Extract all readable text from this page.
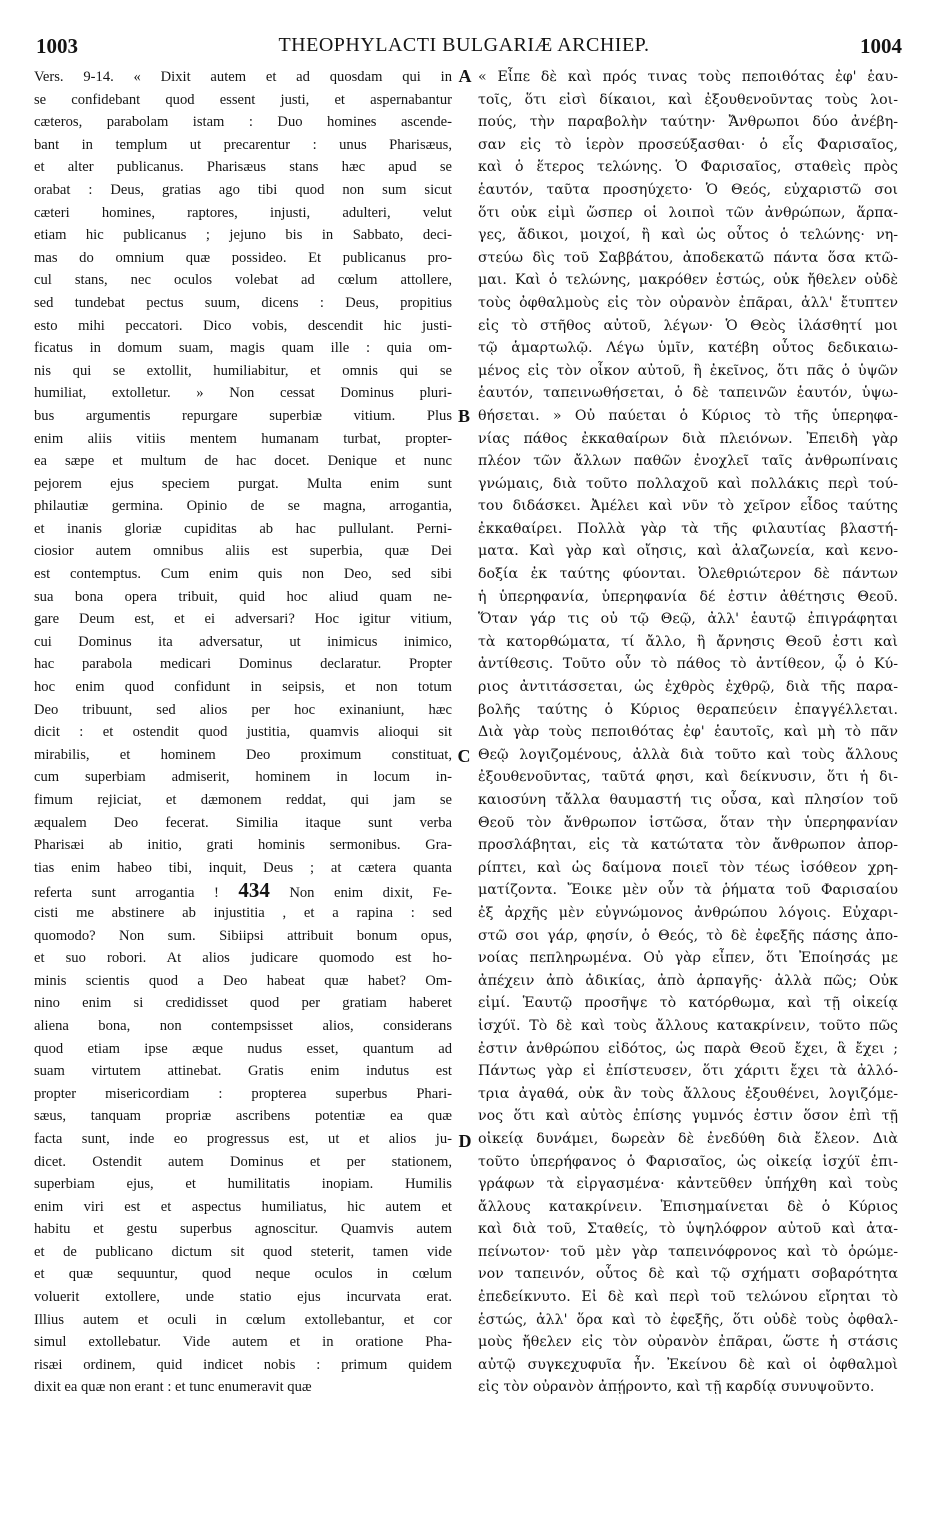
1003	THEOPHYLACTI BULGARIÆ ARCHIEP.	1004
Vers. 9-14. « Dixit autem et ad quosdam qui in
se confidebant quod essent justi, et aspernabantur
cæteros, parabolam istam : Duo homines ascende-
bant in templum ut precarentur : unus Pharisæus,
et alter publicanus. Pharisæus stans hæc apud se
orabat : Deus, gratias ago tibi quod non sum sicut
cæteri homines, raptores, injusti, adulteri, velut
etiam hic publicanus ; jejuno bis in Sabbato, deci-
mas do omnium quæ possideo. Et publicanus pro-
cul stans, nec oculos volebat ad cœlum attollere,
sed tundebat pectus suum, dicens : Deus, propitius
esto mihi peccatori. Dico vobis, descendit hic justi-
ficatus in domum suam, magis quam ille : quia om-
nis qui se extollit, humiliabitur, et omnis qui se
humiliat, extolletur. » Non cessat Dominus pluri-
bus argumentis repurgare superbiæ vitium. Plus
enim aliis vitiis mentem humanam turbat, propter-
ea sæpe et multum de hac docet. Denique et nunc
pejorem ejus speciem purgat. Multa enim sunt
philautiæ germina. Opinio de se magna, arrogantia,
et inanis gloriæ cupiditas ab hac pullulant. Perni-
ciosior autem omnibus aliis est superbia, quæ Dei
est contemptus. Cum enim quis non Deo, sed sibi
sua bona opera tribuit, quid hoc aliud quam ne-
gare Deum est, et ei adversari? Hoc igitur vitium,
cui Dominus ita adversatur, ut inimicus inimico,
hac parabola medicari Dominus declaratur. Propter
hoc enim quod confidunt in seipsis, et non totum
Deo tribuunt, sed alios per hoc exinaniunt, hæc
dicit : et ostendit quod justitia, quamvis alioqui sit
mirabilis, et hominem Deo proximum constituat,
cum superbiam admiserit, hominem in locum in-
fimum rejiciat, et dæmonem reddat, qui jam se
æqualem Deo fecerat. Similia itaque sunt verba
Pharisæi ab initio, grati hominis sermonibus. Gra-
tias enim habeo tibi, inquit, Deus ; at cætera quanta
referta sunt arrogantia ! 434 Non enim dixit, Fe-
cisti me abstinere ab injustitia , et a rapina : sed
quomodo? Non sum. Sibiipsi attribuit bonum opus,
et suo robori. At alios judicare quomodo est ho-
minis scientis quod a Deo habeat quæ habet? Om-
nino enim si credidisset quod per gratiam haberet
aliena bona, non contempsisset alios, considerans
quod etiam ipse æque nudus esset, quantum ad
suam virtutem attinebat. Gratis enim indutus est
propter misericordiam : propterea superbus Phari-
sæus, tanquam propriæ ascribens potentiæ ea quæ
facta sunt, inde eo progressus est, ut et alios ju-
dicet. Ostendit autem Dominus et per stationem,
superbiam ejus, et humilitatis inopiam. Humilis
enim viri est et aspectus humiliatus, hic autem et
habitu et gestu superbus agnoscitur. Quamvis autem
et de publicano dictum sit quod steterit, tamen vide
et quæ sequuntur, quod neque oculos in cœlum
voluerit extollere, unde statio ejus incurvata erat.
Illius autem et oculi in cœlum extollebantur, et cor
simul extollebatur. Vide autem et in oratione Pha-
risæi ordinem, quid indicet nobis : primum quidem
dixit ea quæ non erant : et tunc enumeravit quæ
« Εἶπε δὲ καὶ πρός τινας τοὺς πεποιθότας ἐφ' ἑαυ-
τοῖς, ὅτι εἰσὶ δίκαιοι, καὶ ἐξουθενοῦντας τοὺς λοι-
πούς, τὴν παραβολὴν ταύτην· Ἄνθρωποι δύο ἀνέβη-
σαν εἰς τὸ ἱερὸν προσεύξασθαι· ὁ εἷς Φαρισαῖος,
καὶ ὁ ἕτερος τελώνης. Ὁ Φαρισαῖος, σταθεὶς πρὸς
ἑαυτόν, ταῦτα προσηύχετο· Ὁ Θεός, εὐχαριστῶ σοι
ὅτι οὐκ εἰμὶ ὥσπερ οἱ λοιποὶ τῶν ἀνθρώπων, ἅρπα-
γες, ἄδικοι, μοιχοί, ἢ καὶ ὡς οὗτος ὁ τελώνης· νη-
στεύω δὶς τοῦ Σαββάτου, ἀποδεκατῶ πάντα ὅσα κτῶ-
μαι. Καὶ ὁ τελώνης, μακρόθεν ἑστώς, οὐκ ἤθελεν οὐδὲ
τοὺς ὀφθαλμοὺς εἰς τὸν οὐρανὸν ἐπᾶραι, ἀλλ' ἔτυπτεν
εἰς τὸ στῆθος αὐτοῦ, λέγων· Ὁ Θεὸς ἱλάσθητί μοι
τῷ ἁμαρτωλῷ. Λέγω ὑμῖν, κατέβη οὗτος δεδικαιω-
μένος εἰς τὸν οἶκον αὐτοῦ, ἢ ἐκεῖνος, ὅτι πᾶς ὁ ὑψῶν
ἑαυτόν, ταπεινωθήσεται, ὁ δὲ ταπεινῶν ἑαυτόν, ὑψω-
θήσεται. » Οὐ παύεται ὁ Κύριος τὸ τῆς ὑπερηφα-
νίας πάθος ἐκκαθαίρων διὰ πλειόνων. Ἐπειδὴ γὰρ
πλέον τῶν ἄλλων παθῶν ἐνοχλεῖ ταῖς ἀνθρωπίναις
γνώμαις, διὰ τοῦτο πολλαχοῦ καὶ πολλάκις περὶ τού-
του διδάσκει. Ἀμέλει καὶ νῦν τὸ χεῖρον εἶδος ταύτης
ἐκκαθαίρει. Πολλὰ γὰρ τὰ τῆς φιλαυτίας βλαστή-
ματα. Καὶ γὰρ καὶ οἴησις, καὶ ἀλαζωνεία, καὶ κενο-
δοξία ἐκ ταύτης φύονται. Ὀλεθριώτερον δὲ πάντων
ἡ ὑπερηφανία, ὑπερηφανία δέ ἐστιν ἀθέτησις Θεοῦ.
Ὅταν γάρ τις οὐ τῷ Θεῷ, ἀλλ' ἑαυτῷ ἐπιγράφηται
τὰ κατορθώματα, τί ἄλλο, ἢ ἄρνησις Θεοῦ ἐστι καὶ
ἀντίθεσις. Τοῦτο οὖν τὸ πάθος τὸ ἀντίθεον, ᾧ ὁ Κύ-
ριος ἀντιτάσσεται, ὡς ἐχθρὸς ἐχθρῷ, διὰ τῆς παρα-
βολῆς ταύτης ὁ Κύριος θεραπεύειν ἐπαγγέλλεται.
Διὰ γὰρ τοὺς πεποιθότας ἐφ' ἑαυτοῖς, καὶ μὴ τὸ πᾶν
Θεῷ λογιζομένους, ἀλλὰ διὰ τοῦτο καὶ τοὺς ἄλλους
ἐξουθενοῦντας, ταῦτά φησι, καὶ δείκνυσιν, ὅτι ἡ δι-
καιοσύνη τἄλλα θαυμαστή τις οὖσα, καὶ πλησίον τοῦ
Θεοῦ τὸν ἄνθρωπον ἱστῶσα, ὅταν τὴν ὑπερηφανίαν
προσλάβηται, εἰς τὰ κατώτατα τὸν ἄνθρωπον ἀπορ-
ρίπτει, καὶ ὡς δαίμονα ποιεῖ τὸν τέως ἰσόθεον χρη-
ματίζοντα. Ἔοικε μὲν οὖν τὰ ῥήματα τοῦ Φαρισαίου
ἐξ ἀρχῆς μὲν εὐγνώμονος ἀνθρώπου λόγοις. Εὐχαρι-
στῶ σοι γάρ, φησίν, ὁ Θεός, τὸ δὲ ἐφεξῆς πάσης ἀπο-
νοίας πεπληρωμένα. Οὐ γὰρ εἶπεν, ὅτι Ἐποίησάς με
ἀπέχειν ἀπὸ ἀδικίας, ἀπὸ ἁρπαγῆς· ἀλλὰ πῶς; Οὐκ
εἰμί. Ἑαυτῷ προσῆψε τὸ κατόρθωμα, καὶ τῇ οἰκείᾳ
ἰσχύϊ. Τὸ δὲ καὶ τοὺς ἄλλους κατακρίνειν, τοῦτο πῶς
ἐστιν ἀνθρώπου εἰδότος, ὡς παρὰ Θεοῦ ἔχει, ἃ ἔχει ;
Πάντως γὰρ εἰ ἐπίστευσεν, ὅτι χάριτι ἔχει τὰ ἀλλό-
τρια ἀγαθά, οὐκ ἂν τοὺς ἄλλους ἐξουθένει, λογιζόμε-
νος ὅτι καὶ αὐτὸς ἐπίσης γυμνός ἐστιν ὅσον ἐπὶ τῇ
οἰκείᾳ δυνάμει, δωρεὰν δὲ ἐνεδύθη διὰ ἔλεον. Διὰ
τοῦτο ὑπερήφανος ὁ Φαρισαῖος, ὡς οἰκείᾳ ἰσχύϊ ἐπι-
γράφων τὰ εἰργασμένα· κἀντεῦθεν ὑπήχθη καὶ τοὺς
ἄλλους κατακρίνειν. Ἐπισημαίνεται δὲ ὁ Κύριος
καὶ διὰ τοῦ, Σταθείς, τὸ ὑψηλόφρον αὐτοῦ καὶ ἀτα-
πείνωτον· τοῦ μὲν γὰρ ταπεινόφρονος καὶ τὸ ὁρώμε-
νον ταπεινόν, οὗτος δὲ καὶ τῷ σχήματι σοβαρότητα
ἐπεδείκνυτο. Εἰ δὲ καὶ περὶ τοῦ τελώνου εἴρηται τὸ
ἑστώς, ἀλλ' ὅρα καὶ τὸ ἐφεξῆς, ὅτι οὐδὲ τοὺς ὀφθαλ-
μοὺς ἤθελεν εἰς τὸν οὐρανὸν ἐπᾶραι, ὥστε ἡ στάσις
αὐτῷ συγκεχυφυῖα ἦν. Ἐκείνου δὲ καὶ οἱ ὀφθαλμοὶ
εἰς τὸν οὐρανὸν ἀπῄροντο, καὶ τῇ καρδίᾳ συνυψοῦντο.
A
B
C
D
